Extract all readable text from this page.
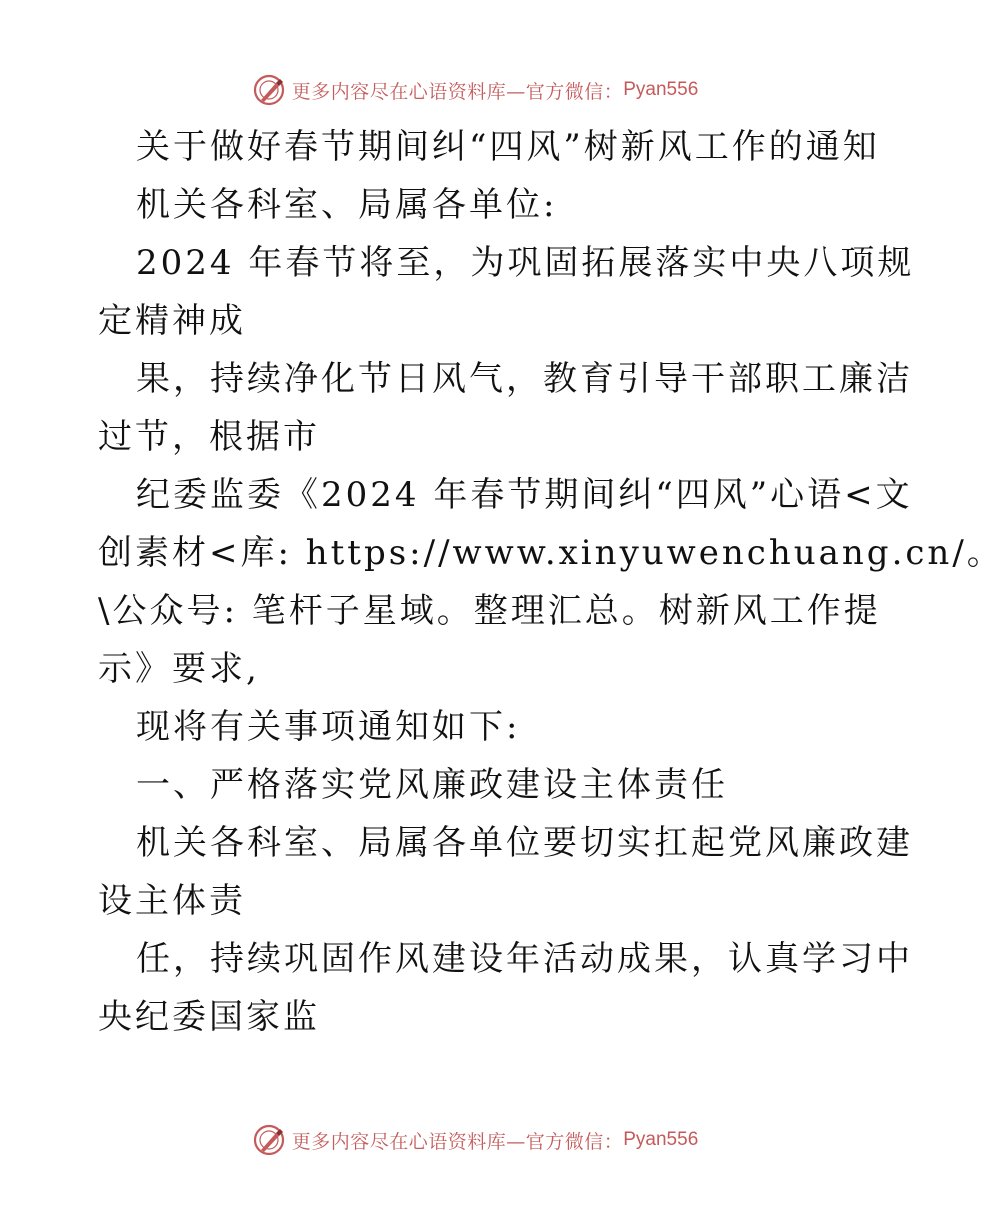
更多内容尽在心语资料库—官方微信： Pyan556
关于做好春节期间纠“四风”树新风工作的通知
机关各科室、局属各单位:
2024 年春节将至，为巩固拓展落实中央八项规
定精神成
果，持续净化节日风气，教育引导干部职工廉洁
过节，根据市
纪委监委《2024 年春节期间纠“四风”心语<文
创素材<库: https://www.xinyuwenchuang.cn/。
\公众号: 笔杆子星域。整理汇总。树新风工作提
示》要求,
现将有关事项通知如下:
一、严格落实党风廉政建设主体责任
机关各科室、局属各单位要切实扛起党风廉政建
设主体责
任，持续巩固作风建设年活动成果，认真学习中
央纪委国家监
更多内容尽在心语资料库—官方微信： Pyan556
